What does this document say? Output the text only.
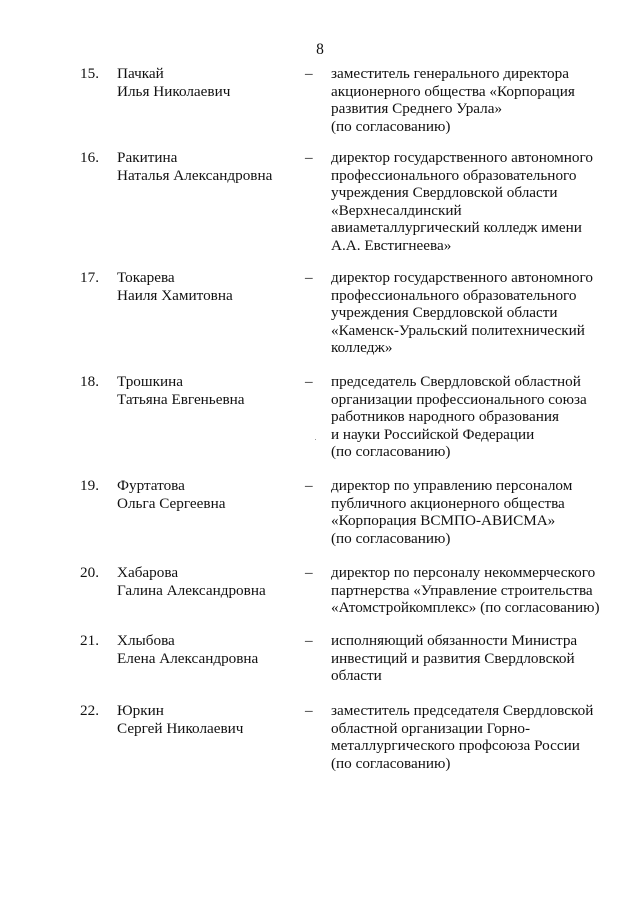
8
15. Пачкай
Илья Николаевич
– заместитель генерального директора
акционерного общества «Корпорация
развития Среднего Урала»
(по согласованию)
16. Ракитина
Наталья Александровна
– директор государственного автономного
профессионального образовательного
учреждения Свердловской области
«Верхнесалдинский
авиаметаллургический колледж имени
А.А. Евстигнеева»
17. Токарева
Наиля Хамитовна
– директор государственного автономного
профессионального образовательного
учреждения Свердловской области
«Каменск-Уральский политехнический
колледж»
18. Трошкина
Татьяна Евгеньевна
– председатель Свердловской областной
организации профессионального союза
работников народного образования
и науки Российской Федерации
(по согласованию)
19. Фуртатова
Ольга Сергеевна
– директор по управлению персоналом
публичного акционерного общества
«Корпорация ВСМПО-АВИСМА»
(по согласованию)
20. Хабарова
Галина Александровна
– директор по персоналу некоммерческого
партнерства «Управление строительства
«Атомстройкомплекс» (по согласованию)
21. Хлыбова
Елена Александровна
– исполняющий обязанности Министра
инвестиций и развития Свердловской
области
22. Юркин
Сергей Николаевич
– заместитель председателя Свердловской
областной организации Горно-
металлургического профсоюза России
(по согласованию)
